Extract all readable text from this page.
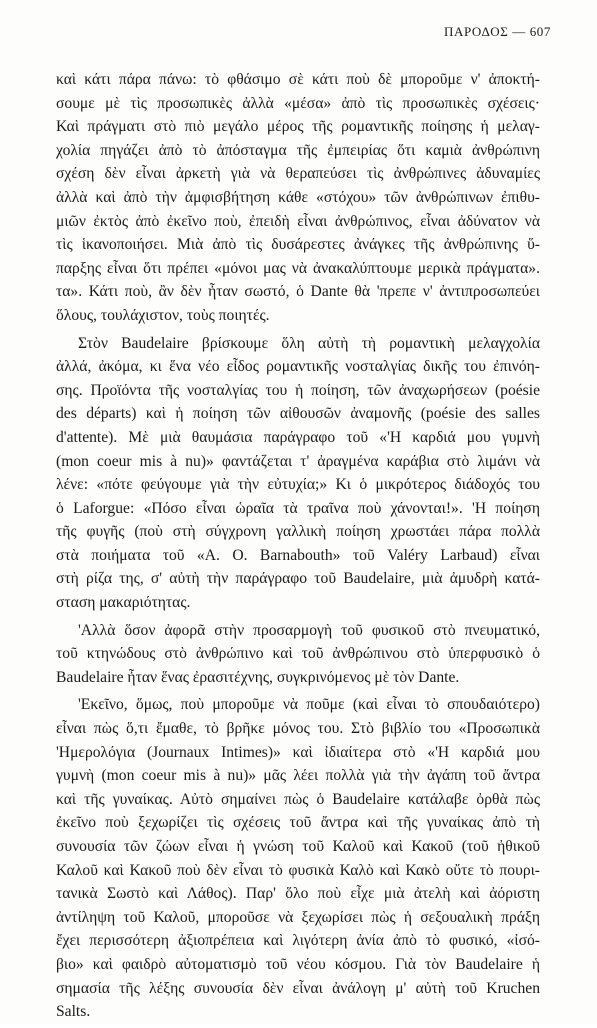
ΠΑΡΟΔΟΣ — 607
καὶ κάτι πάρα πάνω: τὸ φθάσιμο σὲ κάτι ποὺ δὲ μποροῦμε ν' ἀποκτή-
σουμε μὲ τὶς προσωπικὲς ἀλλὰ «μέσα» ἀπὸ τὶς προσωπικὲς σχέσεις·
Καὶ πράγματι στὸ πιὸ μεγάλο μέρος τῆς ρομαντικῆς ποίησης ἡ μελαγ-
χολία πηγάζει ἀπὸ τὸ ἀπόσταγμα τῆς ἐμπειρίας ὅτι καμιὰ ἀνθρώπινη
σχέση δὲν εἶναι ἀρκετὴ γιὰ νὰ θεραπεύσει τὶς ἀνθρώπινες ἀδυναμίες
ἀλλὰ καὶ ἀπὸ τὴν ἀμφισβήτηση κάθε «στόχου» τῶν ἀνθρώπινων ἐπιθυ-
μιῶν ἐκτὸς ἀπὸ ἐκεῖνο ποὺ, ἐπειδὴ εἶναι ἀνθρώπινος, εἶναι ἀδύνατον νὰ
τὶς ἱκανοποιήσει. Μιὰ ἀπὸ τὶς δυσάρεστες ἀνάγκες τῆς ἀνθρώπινης ὕ-
παρξης εἶναι ὅτι πρέπει «μόνοι μας νὰ ἀνακαλύπτουμε μερικὰ πράγματα».
τα». Κάτι ποὺ, ἂν δὲν ἦταν σωστό, ὁ Dante θὰ 'πρεπε ν' ἀντιπροσωπεύει
ὅλους, τουλάχιστον, τοὺς ποιητές.
Στὸν Baudelaire βρίσκουμε ὅλη αὐτὴ τὴ ρομαντικὴ μελαγχολία
ἀλλά, ἀκόμα, κι ἕνα νέο εἶδος ρομαντικῆς νοσταλγίας δικῆς του ἐπινόη-
σης. Προϊόντα τῆς νοσταλγίας του ἡ ποίηση, τῶν ἀναχωρήσεων (poésie
des départs) καὶ ἡ ποίηση τῶν αἰθουσῶν ἀναμονῆς (poésie des salles
d'attente). Μὲ μιὰ θαυμάσια παράγραφο τοῦ «'Η καρδιά μου γυμνὴ
(mon coeur mis à nu)» φαντάζεται τ' ἀραγμένα καράβια στὸ λιμάνι νὰ
λένε: «πότε φεύγουμε γιὰ τὴν εὐτυχία;» Κι ὁ μικρότερος διάδοχός του
ὁ Laforgue: «Πόσο εἶναι ὡραῖα τὰ τραῖνα ποὺ χάνονται!». 'Η ποίηση
τῆς φυγῆς (ποὺ στὴ σύγχρονη γαλλικὴ ποίηση χρωστάει πάρα πολλὰ
στὰ ποιήματα τοῦ «A. O. Barnabouth» τοῦ Valéry Larbaud) εἶναι
στὴ ρίζα της, σ' αὐτὴ τὴν παράγραφο τοῦ Baudelaire, μιὰ ἀμυδρὴ κατά-
σταση μακαριότητας.
'Αλλὰ ὅσον ἀφορᾶ στὴν προσαρμογὴ τοῦ φυσικοῦ στὸ πνευματικό,
τοῦ κτηνώδους στὸ ἀνθρώπινο καὶ τοῦ ἀνθρώπινου στὸ ὑπερφυσικὸ ὁ
Baudelaire ἦταν ἕνας ἐρασιτέχνης, συγκρινόμενος μὲ τὸν Dante.
'Εκεῖνο, ὅμως, ποὺ μποροῦμε νὰ ποῦμε (καὶ εἶναι τὸ σπουδαιότερο)
εἶναι πὼς ὅ,τι ἔμαθε, τὸ βρῆκε μόνος του. Στὸ βιβλίο του «Προσωπικὰ
'Ημερολόγια (Journaux Intimes)» καὶ ἰδιαίτερα στὸ «'Η καρδιά μου
γυμνὴ (mon coeur mis à nu)» μᾶς λέει πολλὰ γιὰ τὴν ἀγάπη τοῦ ἄντρα
καὶ τῆς γυναίκας. Αὐτὸ σημαίνει πὼς ὁ Baudelaire κατάλαβε ὀρθὰ πὼς
ἐκεῖνο ποὺ ξεχωρίζει τὶς σχέσεις τοῦ ἄντρα καὶ τῆς γυναίκας ἀπὸ τὴ
συνουσία τῶν ζώων εἶναι ἡ γνώση τοῦ Καλοῦ καὶ Κακοῦ (τοῦ ἠθικοῦ
Καλοῦ καὶ Κακοῦ ποὺ δὲν εἶναι τὸ φυσικὰ Καλὸ καὶ Κακὸ οὔτε τὸ πουρι-
τανικὰ Σωστὸ καὶ Λάθος). Παρ' ὅλο ποὺ εἶχε μιὰ ἀτελὴ καὶ ἀόριστη
ἀντίληψη τοῦ Καλοῦ, μποροῦσε νὰ ξεχωρίσει πὼς ἡ σεξουαλικὴ πράξη
ἔχει περισσότερη ἀξιοπρέπεια καὶ λιγότερη ἀνία ἀπὸ τὸ φυσικό, «ἰσό-
βιο» καὶ φαιδρὸ αὐτοματισμὸ τοῦ νέου κόσμου. Γιὰ τὸν Baudelaire ἡ
σημασία τῆς λέξης συνουσία δὲν εἶναι ἀνάλογη μ' αὐτὴ τοῦ Kruchen
Salts.
